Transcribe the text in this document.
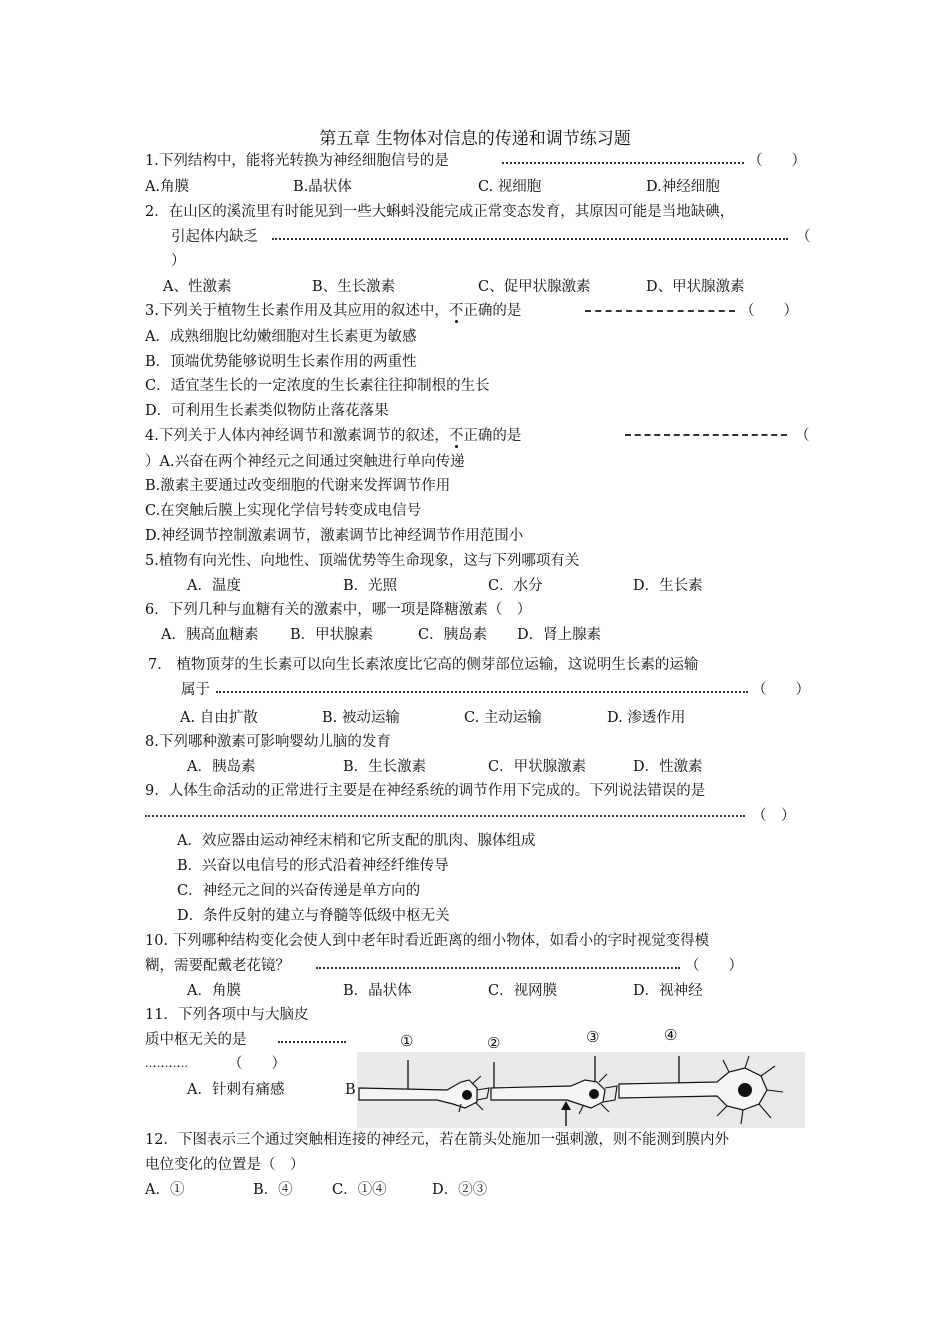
第五章 生物体对信息的传递和调节练习题
1.下列结构中，能将光转换为神经细胞信号的是	（　　）
A.角膜	B.晶状体	C. 视细胞	D.神经细胞
2．在山区的溪流里有时能见到一些大蝌蚪没能完成正常变态发育，其原因可能是当地缺碘，
引起体内缺乏	（
）
A、性激素	B、生长激素	C、促甲状腺激素	D、甲状腺激素
3.下列关于植物生长素作用及其应用的叙述中，不正确的是	（　　）
A．成熟细胞比幼嫩细胞对生长素更为敏感
B．顶端优势能够说明生长素作用的两重性
C．适宜茎生长的一定浓度的生长素往往抑制根的生长
D．可利用生长素类似物防止落花落果
4.下列关于人体内神经调节和激素调节的叙述，不正确的是	（
）A.兴奋在两个神经元之间通过突触进行单向传递
B.激素主要通过改变细胞的代谢来发挥调节作用
C.在突触后膜上实现化学信号转变成电信号
D.神经调节控制激素调节，激素调节比神经调节作用范围小
5.植物有向光性、向地性、顶端优势等生命现象，这与下列哪项有关
A．温度	B．光照	C．水分	D．生长素
6．下列几种与血糖有关的激素中，哪一项是降糖激素（　）
A．胰高血糖素 B．甲状腺素	C．胰岛素 D．肾上腺素
7． 植物顶芽的生长素可以向生长素浓度比它高的侧芽部位运输，这说明生长素的运输
属于	（　　）
A. 自由扩散	B. 被动运输	C. 主动运输	D. 渗透作用
8.下列哪种激素可影响婴幼儿脑的发育
A．胰岛素	B．生长激素	C．甲状腺激素	D．性激素
9．人体生命活动的正常进行主要是在神经系统的调节作用下完成的。下列说法错误的是
（　）
A．效应器由运动神经末梢和它所支配的肌肉、腺体组成
B．兴奋以电信号的形式沿着神经纤维传导
C．神经元之间的兴奋传递是单方向的
D．条件反射的建立与脊髓等低级中枢无关
10. 下列哪种结构变化会使人到中老年时看近距离的细小物体，如看小的字时视觉变得模
糊，需要配戴老花镜？	（　　）
A．角膜	B．晶状体	C．视网膜	D．视神经
11．下列各项中与大脑皮
质中枢无关的是
……………	（　　）
A．针刺有痛感	B
①	②	③	④
12．下图表示三个通过突触相连接的神经元，若在箭头处施加一强刺激，则不能测到膜内外
电位变化的位置是（　）
A．①	B．④	C．①④	D．②③
